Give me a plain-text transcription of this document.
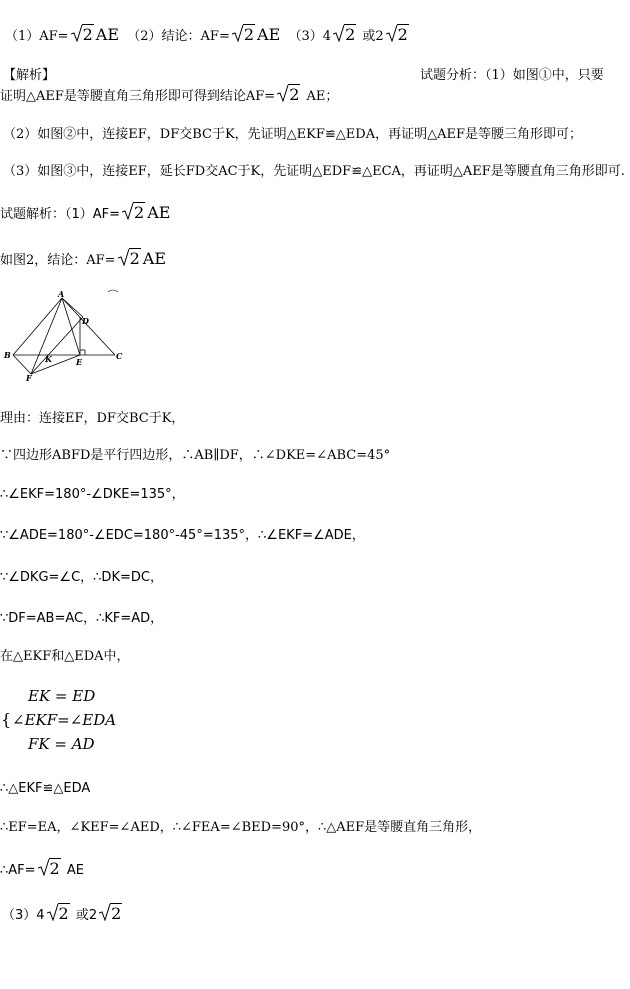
（1）AF= 2 AE （2）结论：AF= 2 AE （3）4 2 或2 2
【解析】	试题分析：（1）如图①中，只要
证明△AEF是等腰直角三角形即可得到结论AF= 2 AE；
（2）如图②中，连接EF，DF交BC于K，先证明△EKF≌△EDA，再证明△AEF是等腰三角形即可；
（3）如图③中，连接EF，延长FD交AC于K，先证明△EDF≌△ECA，再证明△AEF是等腰直角三角形即可.
试题解析：（1）AF= 2 AE
如图2，结论：AF= 2 AE
A
B	C
D
E
F
K
理由：连接EF，DF交BC于K，
∵四边形ABFD是平行四边形，∴AB∥DF，∴∠DKE=∠ABC=45°
∴∠EKF=180°-∠DKE=135°，
∵∠ADE=180°-∠EDC=180°-45°=135°，∴∠EKF=∠ADE，
∵∠DKG=∠C，∴DK=DC，
∵DF=AB=AC，∴KF=AD，
在△EKF和△EDA中，
{
EK = ED
∠EKF=∠EDA
FK = AD
∴△EKF≌△EDA
∴EF=EA，∠KEF=∠AED，∴∠FEA=∠BED=90°，∴△AEF是等腰直角三角形，
∴AF= 2 AE
（3）4 2 或2 2
